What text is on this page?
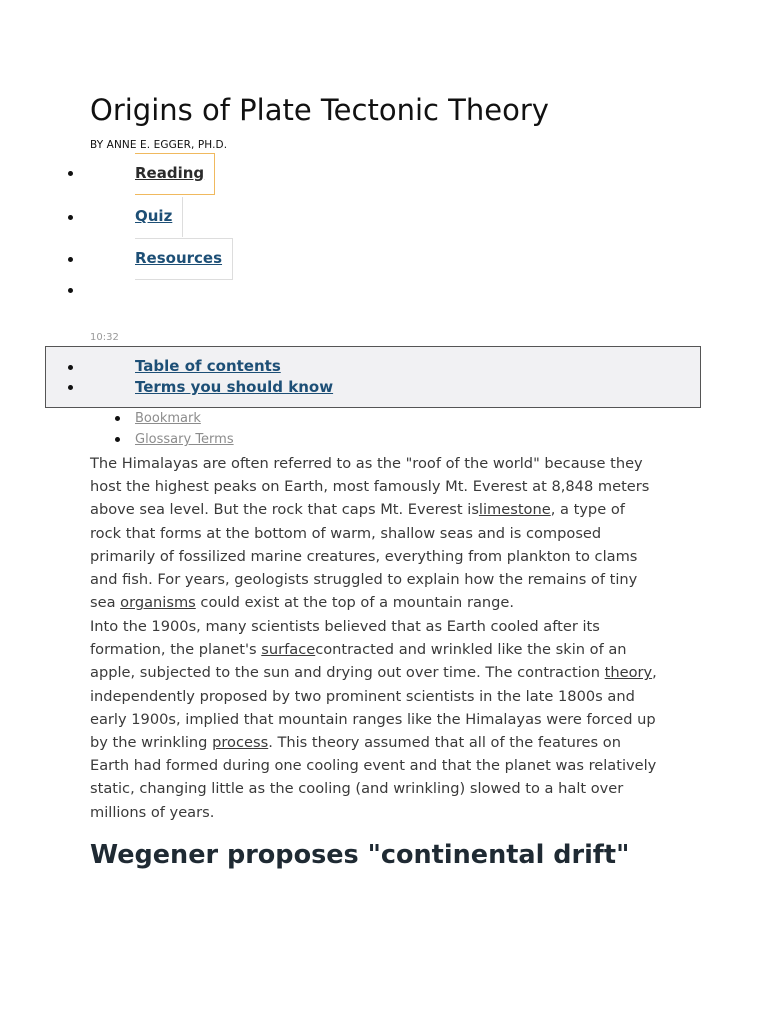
Origins of Plate Tectonic Theory
BY ANNE E. EGGER, PH.D.
Reading
Quiz
Resources
10:32
Table of contents
Terms you should know
Bookmark
Glossary Terms
The Himalayas are often referred to as the "roof of the world" because they
host the highest peaks on Earth, most famously Mt. Everest at 8,848 meters
above sea level. But the rock that caps Mt. Everest islimestone, a type of
rock that forms at the bottom of warm, shallow seas and is composed
primarily of fossilized marine creatures, everything from plankton to clams
and fish. For years, geologists struggled to explain how the remains of tiny
sea organisms could exist at the top of a mountain range.
Into the 1900s, many scientists believed that as Earth cooled after its
formation, the planet's surfacecontracted and wrinkled like the skin of an
apple, subjected to the sun and drying out over time. The contraction theory,
independently proposed by two prominent scientists in the late 1800s and
early 1900s, implied that mountain ranges like the Himalayas were forced up
by the wrinkling process. This theory assumed that all of the features on
Earth had formed during one cooling event and that the planet was relatively
static, changing little as the cooling (and wrinkling) slowed to a halt over
millions of years.
Wegener proposes "continental drift"
